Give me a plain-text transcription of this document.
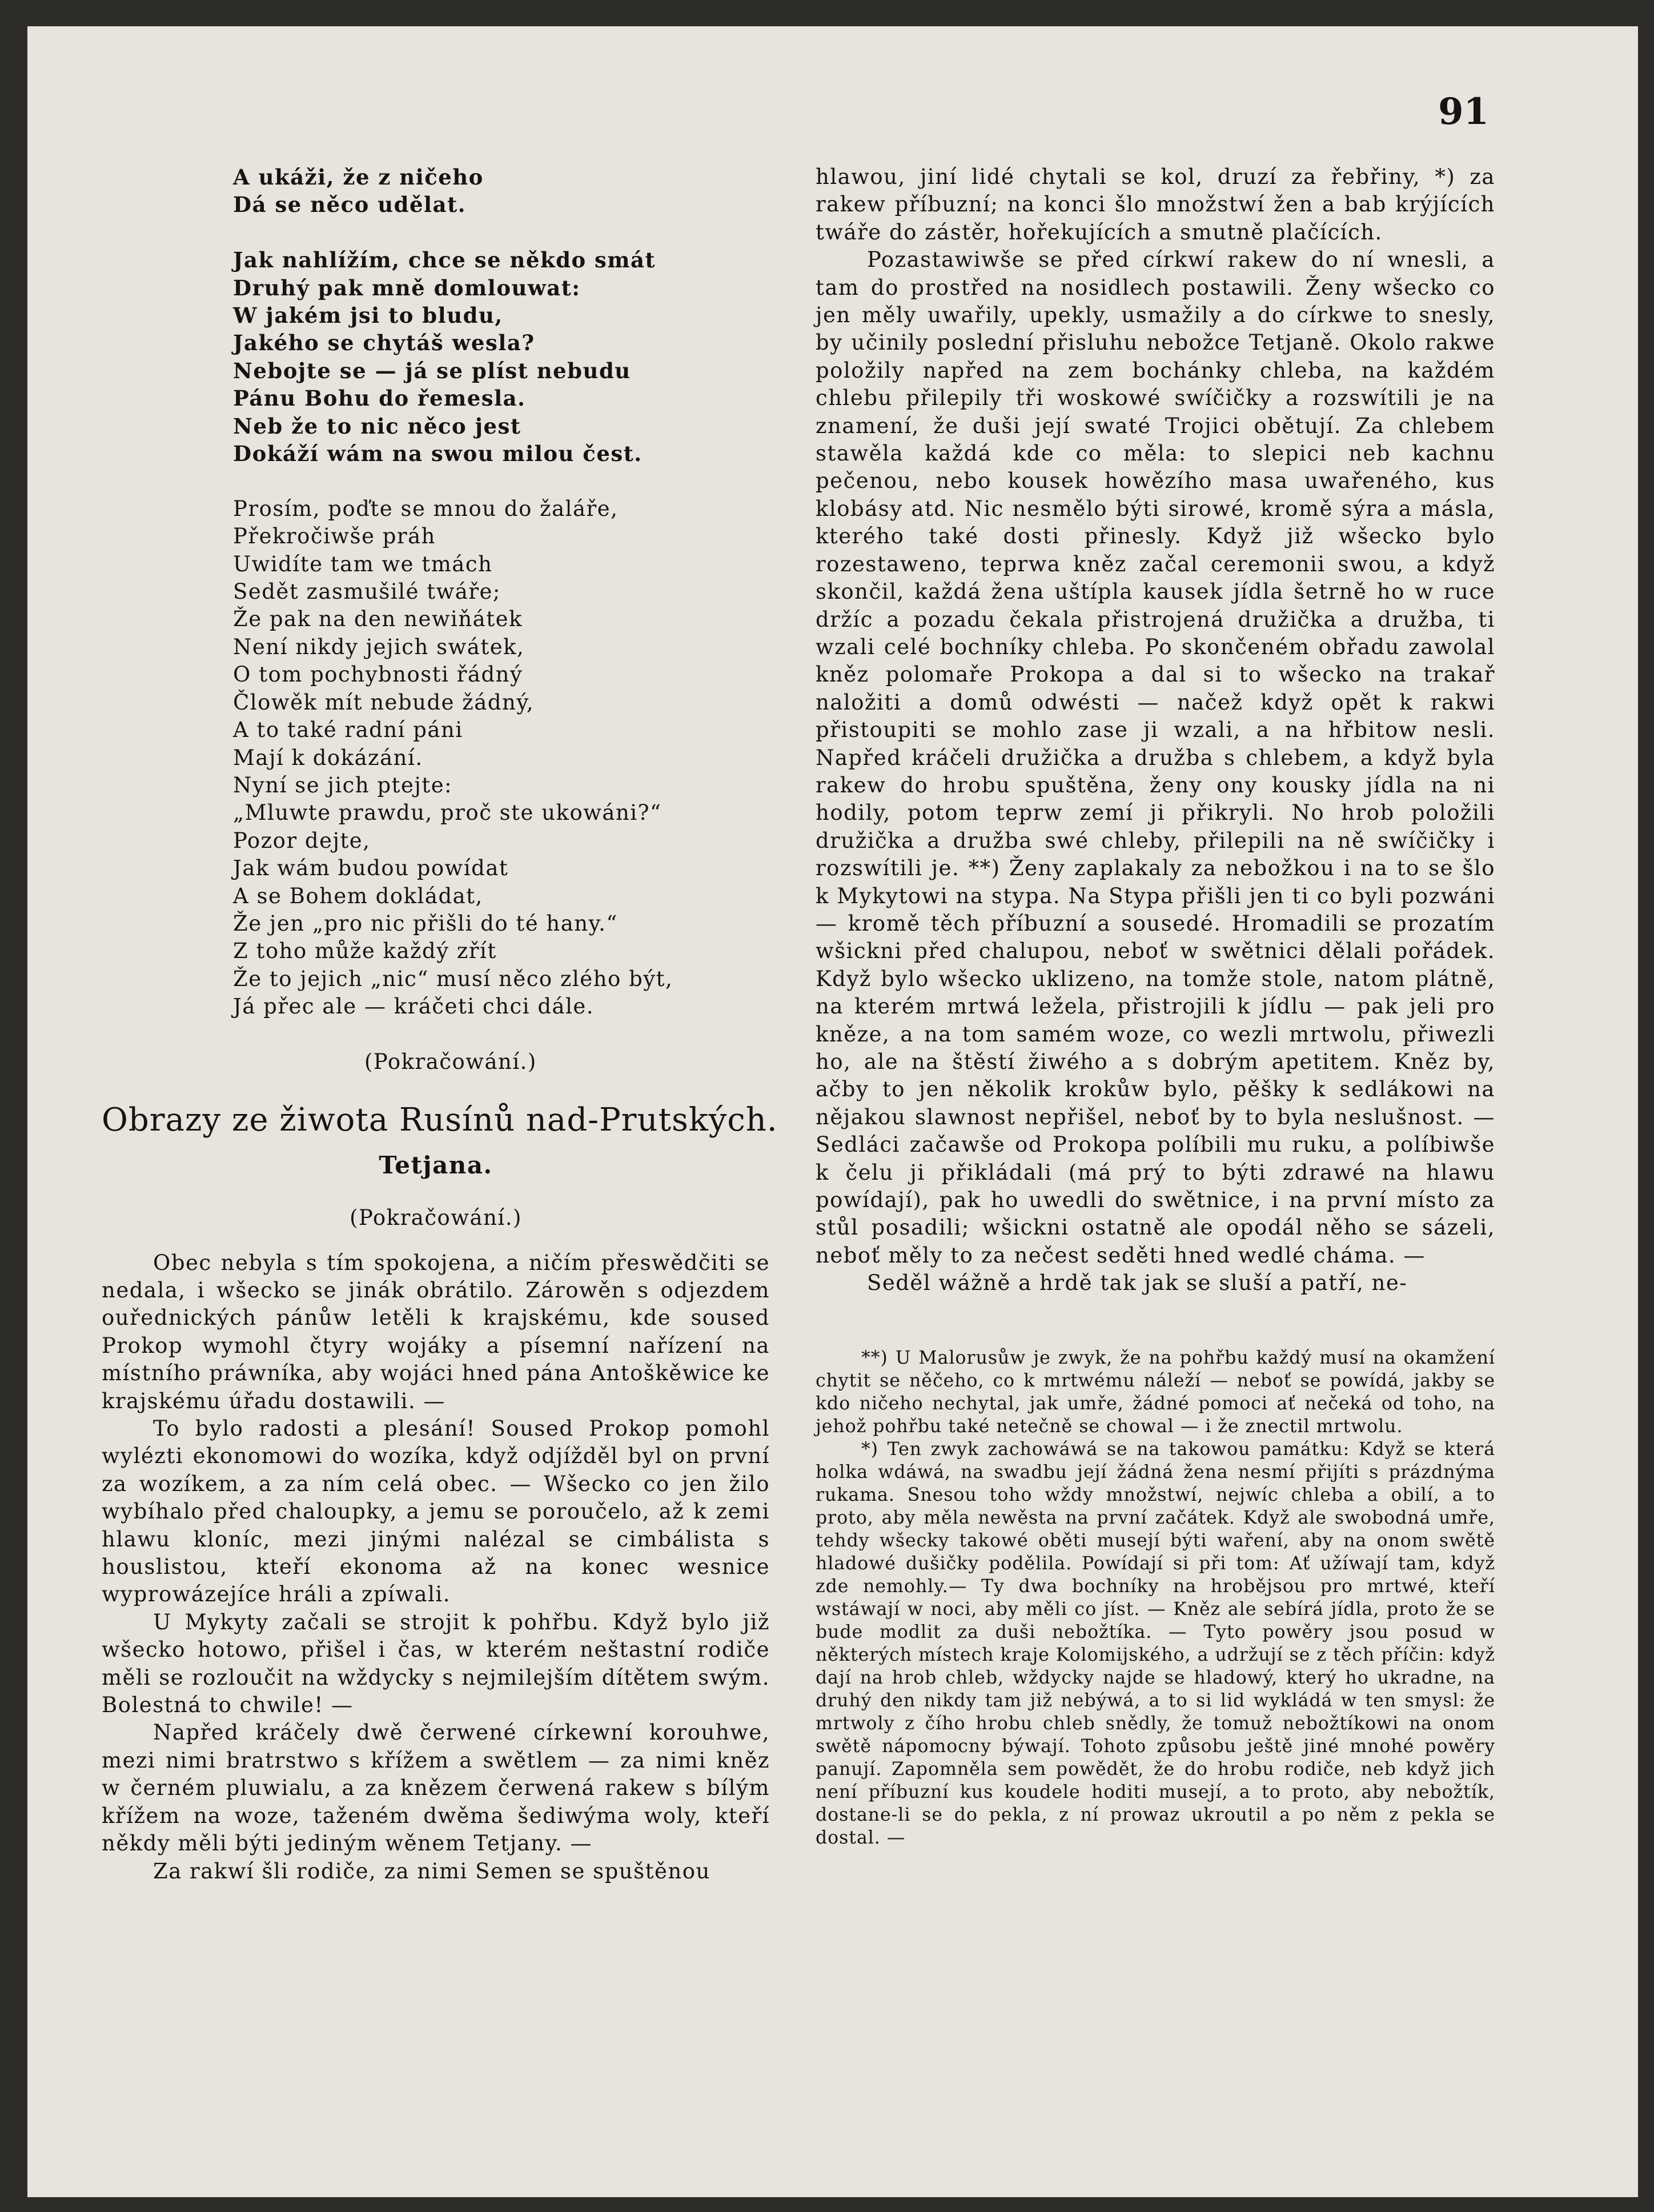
91

A ukáži, že z ničeho

Dá se něco udělat.

Jak nahlížím, chce se někdo smát

Druhý pak mně domlouwat:

W jakém jsi to bludu,

Jakého se chytáš wesla?

Nebojte se — já se plíst nebudu

Pánu Bohu do řemesla.

Neb že to nic něco jest

Dokáží wám na swou milou čest.

Prosím, poďte se mnou do žaláře,

Překročiwše práh

Uwidíte tam we tmách

Sedět zasmušilé twáře;

Že pak na den newiňátek

Není nikdy jejich swátek,

O tom pochybnosti řádný

Člowěk mít nebude žádný,

A to také radní páni

Mají k dokázání.

Nyní se jich ptejte:

„Mluwte prawdu, proč ste ukowáni?“

Pozor dejte,

Jak wám budou powídat

A se Bohem dokládat,

Že jen „pro nic přišli do té hany.“

Z toho může každý zřít

Že to jejich „nic“ musí něco zlého být,

Já přec ale — kráčeti chci dále.

(Pokračowání.)

Obrazy ze žiwota Rusínů nad-Prutských.
Tetjana.
(Pokračowání.)

Obec nebyla s tím spokojena, a ničím přeswědčiti se nedala, i wšecko se jinák obrátilo. Zárowěn s odjezdem ouřednických pánůw letěli k krajskému, kde soused Prokop wymohl čtyry wojáky a písemní nařízení na místního práwníka, aby wojáci hned pána Antoškěwice ke krajskému úřadu dostawili. —

To bylo radosti a plesání! Soused Prokop pomohl wylézti ekonomowi do wozíka, když odjížděl byl on první za wozíkem, a za ním celá obec. — Wšecko co jen žilo wybíhalo před chaloupky, a jemu se poroučelo, až k zemi hlawu kloníc, mezi jinými nalézal se cimbálista s houslistou, kteří ekonoma až na konec wesnice wyprowázejíce hráli a zpíwali.

U Mykyty začali se strojit k pohřbu. Když bylo již wšecko hotowo, přišel i čas, w kterém neštastní rodiče měli se rozloučit na wždycky s nejmilejším dítětem swým. Bolestná to chwile! —

Napřed kráčely dwě čerwené církewní korouhwe, mezi nimi bratrstwo s křížem a swětlem — za nimi kněz w černém pluwialu, a za knězem čerwená rakew s bílým křížem na woze, taženém dwěma šediwýma woly, kteří někdy měli býti jediným wěnem Tetjany. —

Za rakwí šli rodiče, za nimi Semen se spuštěnou

hlawou, jiní lidé chytali se kol, druzí za řebřiny, *) za rakew příbuzní; na konci šlo množstwí žen a bab krýjících twáře do zástěr, hořekujících a smutně plačících.

Pozastawiwše se před církwí rakew do ní wnesli, a tam do prostřed na nosidlech postawili. Ženy wšecko co jen měly uwařily, upekly, usmažily a do církwe to snesly, by učinily poslední přisluhu nebožce Tetjaně. Okolo rakwe položily napřed na zem bochánky chleba, na každém chlebu přilepily tři woskowé swíčičky a rozswítili je na znamení, že duši její swaté Trojici obětují. Za chlebem stawěla každá kde co měla: to slepici neb kachnu pečenou, nebo kousek howězího masa uwařeného, kus klobásy atd. Nic nesmělo býti sirowé, kromě sýra a másla, kterého také dosti přinesly. Když již wšecko bylo rozestaweno, teprwa kněz začal ceremonii swou, a když skončil, každá žena uštípla kausek jídla šetrně ho w ruce držíc a pozadu čekala přistrojená družička a družba, ti wzali celé bochníky chleba. Po skončeném obřadu zawolal kněz polomaře Prokopa a dal si to wšecko na trakař naložiti a domů odwésti — načež když opět k rakwi přistoupiti se mohlo zase ji wzali, a na hřbitow nesli. Napřed kráčeli družička a družba s chlebem, a když byla rakew do hrobu spuštěna, ženy ony kousky jídla na ni hodily, potom teprw zemí ji přikryli. No hrob položili družička a družba swé chleby, přilepili na ně swíčičky i rozswítili je. **) Ženy zaplakaly za nebožkou i na to se šlo k Mykytowi na stypa. Na Stypa přišli jen ti co byli pozwáni — kromě těch příbuzní a sousedé. Hromadili se prozatím wšickni před chalupou, neboť w swětnici dělali pořádek. Když bylo wšecko uklizeno, na tomže stole, natom plátně, na kterém mrtwá ležela, přistrojili k jídlu — pak jeli pro kněze, a na tom samém woze, co wezli mrtwolu, přiwezli ho, ale na štěstí žiwého a s dobrým apetitem. Kněz by, ačby to jen několik krokůw bylo, pěšky k sedlákowi na nějakou slawnost nepřišel, neboť by to byla neslušnost. — Sedláci začawše od Prokopa políbili mu ruku, a políbiwše k čelu ji přikládali (má prý to býti zdrawé na hlawu powídají), pak ho uwedli do swětnice, i na první místo za stůl posadili; wšickni ostatně ale opodál něho se sázeli, neboť měly to za nečest seděti hned wedlé cháma. —

Seděl wážně a hrdě tak jak se sluší a patří, ne-

**) U Malorusůw je zwyk, že na pohřbu každý musí na okamžení chytit se něčeho, co k mrtwému náleží — neboť se powídá, jakby se kdo ničeho nechytal, jak umře, žádné pomoci ať nečeká od toho, na jehož pohřbu také netečně se chowal — i že znectil mrtwolu.

*) Ten zwyk zachowáwá se na takowou památku: Když se která holka wdáwá, na swadbu její žádná žena nesmí přijíti s prázdnýma rukama. Snesou toho wždy množstwí, nejwíc chleba a obilí, a to proto, aby měla newěsta na první začátek. Když ale swobodná umře, tehdy wšecky takowé oběti musejí býti waření, aby na onom swětě hladowé dušičky podělila. Powídají si při tom: Ať užíwají tam, když zde nemohly.— Ty dwa bochníky na hrobějsou pro mrtwé, kteří wstáwají w noci, aby měli co jíst. — Kněz ale sebírá jídla, proto že se bude modlit za duši nebožtíka. — Tyto powěry jsou posud w některých místech kraje Kolomijského, a udržují se z těch příčin: když dají na hrob chleb, wždycky najde se hladowý, který ho ukradne, na druhý den nikdy tam již nebýwá, a to si lid wykládá w ten smysl: že mrtwoly z čího hrobu chleb snědly, že tomuž nebožtíkowi na onom swětě nápomocny býwají. Tohoto způsobu ještě jiné mnohé powěry panují. Zapomněla sem powědět, že do hrobu rodiče, neb když jich není příbuzní kus koudele hoditi musejí, a to proto, aby nebožtík, dostane-li se do pekla, z ní prowaz ukroutil a po něm z pekla se dostal. —
